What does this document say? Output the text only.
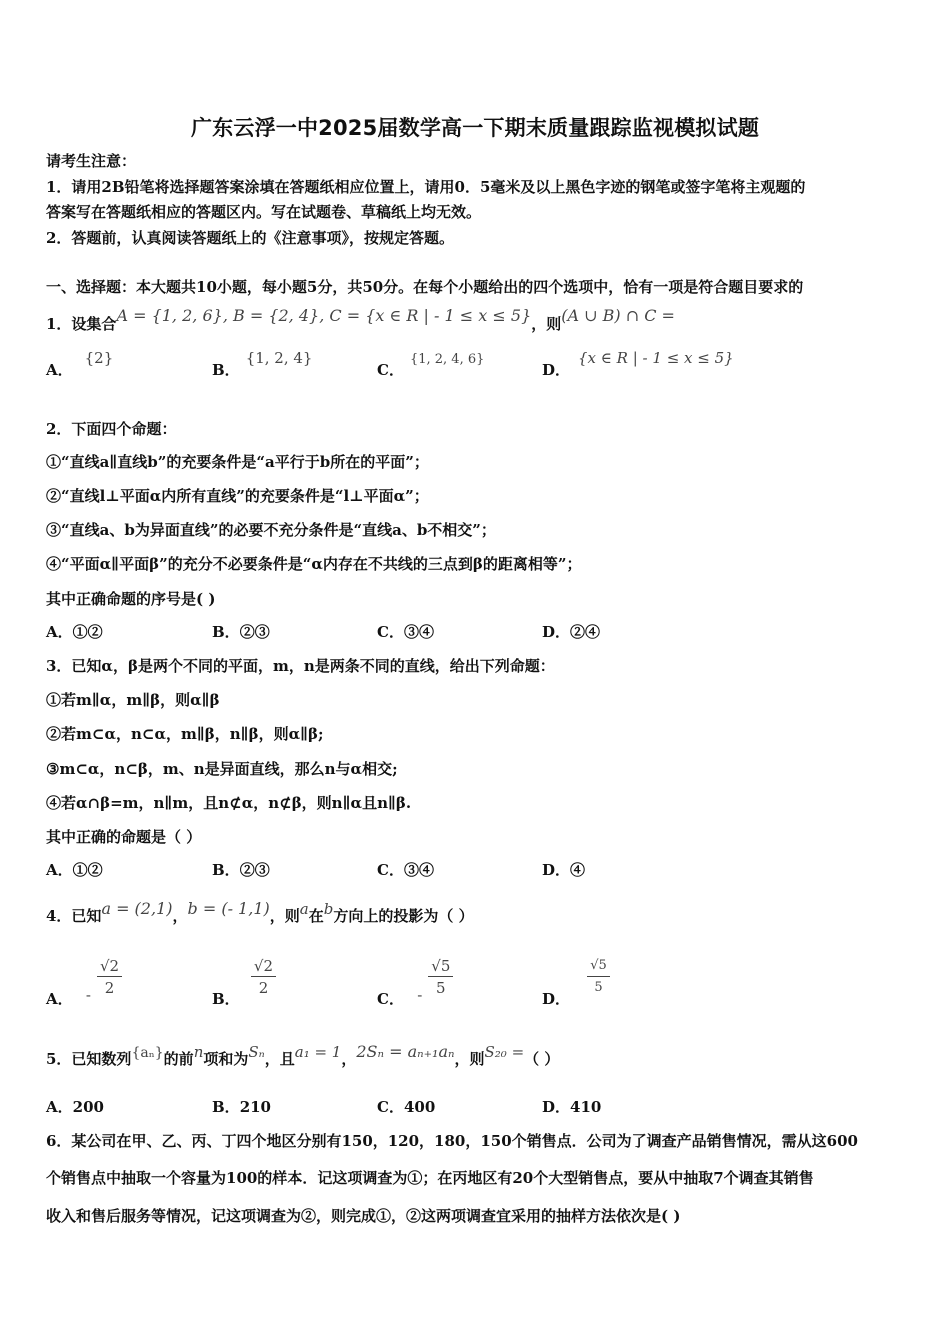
广东云浮一中2025届数学高一下期末质量跟踪监视模拟试题
请考生注意：
1．请用2B铅笔将选择题答案涂填在答题纸相应位置上，请用0．5毫米及以上黑色字迹的钢笔或签字笔将主观题的
答案写在答题纸相应的答题区内。写在试题卷、草稿纸上均无效。
2．答题前，认真阅读答题纸上的《注意事项》，按规定答题。
一、选择题：本大题共10小题，每小题5分，共50分。在每个小题给出的四个选项中，恰有一项是符合题目要求的
1．设集合A = {1, 2, 6}, B = {2, 4}, C = {x ∈ R | - 1 ≤ x ≤ 5}，则(A ∪ B) ∩ C =
A．{2}
B．{1, 2, 4}
C．{1, 2, 4, 6}
D．{x ∈ R | - 1 ≤ x ≤ 5}
2．下面四个命题：
①“直线a∥直线b”的充要条件是“a平行于b所在的平面”；
②“直线l⊥平面α内所有直线”的充要条件是“l⊥平面α”；
③“直线a、b为异面直线”的必要不充分条件是“直线a、b不相交”；
④“平面α∥平面β”的充分不必要条件是“α内存在不共线的三点到β的距离相等”；
其中正确命题的序号是( )
A．①②	B．②③	C．③④	D．②④
3．已知α，β是两个不同的平面，m，n是两条不同的直线，给出下列命题：
①若m∥α，m∥β，则α∥β
②若m⊂α，n⊂α，m∥β，n∥β，则α∥β;
③m⊂α，n⊂β，m、n是异面直线，那么n与α相交;
④若α∩β=m，n∥m，且n⊄α，n⊄β，则n∥α且n∥β.
其中正确的命题是（ ）
A．①②	B．②③	C．③④	D．④
4．已知a = (2,1)，b = (- 1,1)，则a在b方向上的投影为（ ）
A． - $\frac{√2}{2}$	B． $\frac{√2}{2}$	C． - $\frac{√5}{5}$	D． $\frac{√5}{5}$
5．已知数列{aₙ}的前n项和为Sₙ，且a₁ = 1，2Sₙ = aₙ₊₁aₙ，则S₂₀ =（ ）
A．200	B．210	C．400	D．410
6．某公司在甲、乙、丙、丁四个地区分别有150，120，180，150个销售点．公司为了调查产品销售情况，需从这600
个销售点中抽取一个容量为100的样本．记这项调查为①；在丙地区有20个大型销售点，要从中抽取7个调查其销售
收入和售后服务等情况，记这项调查为②，则完成①，②这两项调查宜采用的抽样方法依次是( )
